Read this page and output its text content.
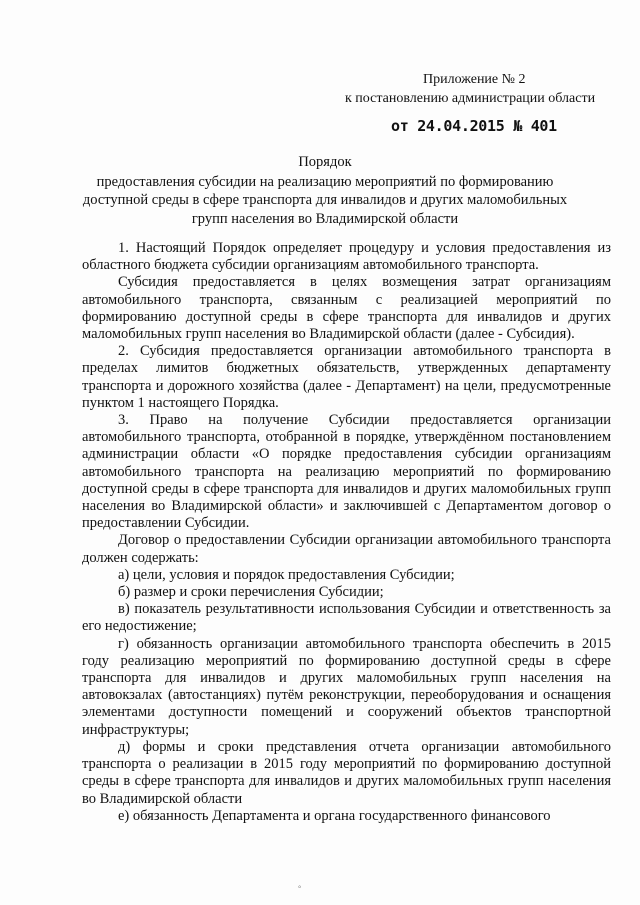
Приложение № 2
к постановлению администрации области
от 24.04.2015 № 401
Порядок
предоставления субсидии на реализацию мероприятий по формированию доступной среды в сфере транспорта для инвалидов и других маломобильных групп населения во Владимирской области

1. Настоящий Порядок определяет процедуру и условия предоставления из областного бюджета субсидии организациям автомобильного транспорта.

Субсидия предоставляется в целях возмещения затрат организациям автомобильного транспорта, связанным с реализацией мероприятий по формированию доступной среды в сфере транспорта для инвалидов и других маломобильных групп населения во Владимирской области (далее - Субсидия).

2. Субсидия предоставляется организации автомобильного транспорта в пределах лимитов бюджетных обязательств, утвержденных департаменту транспорта и дорожного хозяйства (далее - Департамент) на цели, предусмотренные пунктом 1 настоящего Порядка.

3. Право на получение Субсидии предоставляется организации автомобильного транспорта, отобранной в порядке, утверждённом постановлением администрации области «О порядке предоставления субсидии организациям автомобильного транспорта на реализацию мероприятий по формированию доступной среды в сфере транспорта для инвалидов и других маломобильных групп населения во Владимирской области» и заключившей с Департаментом договор о предоставлении Субсидии.

Договор о предоставлении Субсидии организации автомобильного транспорта должен содержать:

а) цели, условия и порядок предоставления Субсидии;

б) размер и сроки перечисления Субсидии;

в) показатель результативности использования Субсидии и ответственность за его недостижение;

г) обязанность организации автомобильного транспорта обеспечить в 2015 году реализацию мероприятий по формированию доступной среды в сфере транспорта для инвалидов и других маломобильных групп населения на автовокзалах (автостанциях) путём реконструкции, переоборудования и оснащения элементами доступности помещений и сооружений объектов транспортной инфраструктуры;

д) формы и сроки представления отчета организации автомобильного транспорта о реализации в 2015 году мероприятий по формированию доступной среды в сфере транспорта для инвалидов и других маломобильных групп населения во Владимирской области

е) обязанность Департамента и органа государственного финансового

°
